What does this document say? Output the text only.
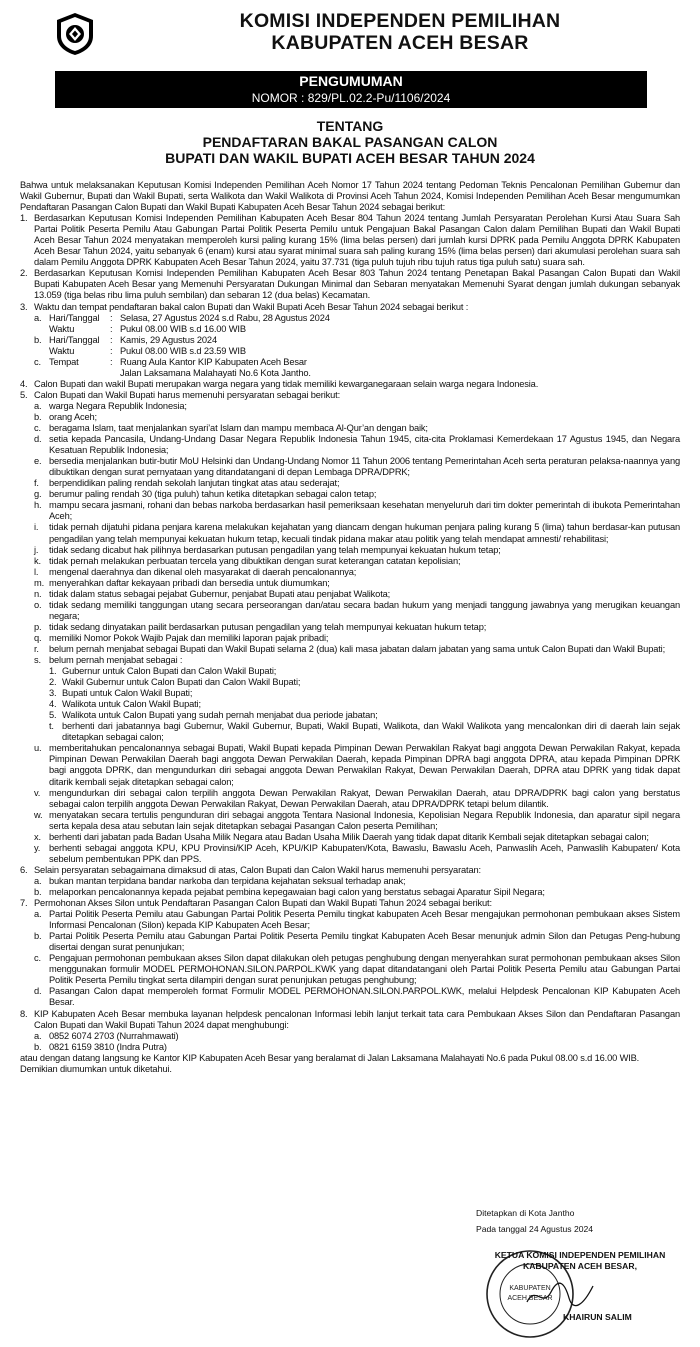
KOMISI INDEPENDEN PEMILIHAN
KABUPATEN ACEH BESAR
PENGUMUMAN
NOMOR : 829/PL.02.2-Pu/1106/2024
TENTANG
PENDAFTARAN BAKAL PASANGAN CALON
BUPATI DAN WAKIL BUPATI ACEH BESAR TAHUN 2024

Bahwa untuk melaksanakan Keputusan Komisi Independen Pemilihan Aceh Nomor 17 Tahun 2024 tentang Pedoman Teknis Pencalonan Pemilihan Gubernur dan Wakil Gubernur, Bupati dan Wakil Bupati, serta Walikota dan Wakil Walikota di Provinsi Aceh Tahun 2024, Komisi Independen Pemilihan Aceh Besar mengumumkan Pendaftaran Pasangan Calon Bupati dan Wakil Bupati Kabupaten Aceh Besar Tahun 2024 sebagai berikut:

1. Berdasarkan Keputusan Komisi Independen Pemilihan Kabupaten Aceh Besar 804 Tahun 2024 tentang Jumlah Persyaratan Perolehan Kursi Atau Suara Sah Partai Politik Peserta Pemilu Atau Gabungan Partai Politik Peserta Pemilu untuk Pengajuan Bakal Pasangan Calon dalam Pemilihan Bupati dan Wakil Bupati Aceh Besar Tahun 2024 menyatakan memperoleh kursi paling kurang 15% (lima belas persen) dari jumlah kursi DPRK pada Pemilu Anggota DPRK Kabupaten Aceh Besar Tahun 2024, yaitu sebanyak 6 (enam) kursi atau syarat minimal suara sah paling kurang 15% (lima belas persen) dari akumulasi perolehan suara sah dalam Pemilu Anggota DPRK Kabupaten Aceh Besar Tahun 2024, yaitu 37.731 (tiga puluh tujuh ribu tujuh ratus tiga puluh satu) suara sah.
2. Berdasarkan Keputusan Komisi Independen Pemilihan Kabupaten Aceh Besar 803 Tahun 2024 tentang Penetapan Bakal Pasangan Calon Bupati dan Wakil Bupati Kabupaten Aceh Besar yang Memenuhi Persyaratan Dukungan Minimal dan Sebaran menyatakan Memenuhi Syarat dengan jumlah dukungan sebanyak 13.059 (tiga belas ribu lima puluh sembilan) dan sebaran 12 (dua belas) Kecamatan.
3. Waktu dan tempat pendaftaran bakal calon Bupati dan Wakil Bupati Aceh Besar Tahun 2024 sebagai berikut :
a. Hari/Tanggal	: Selasa, 27 Agustus 2024 s.d Rabu, 28 Agustus 2024
Waktu	: Pukul 08.00 WIB s.d 16.00 WIB
b. Hari/Tanggal	: Kamis, 29 Agustus 2024
Waktu	: Pukul 08.00 WIB s.d 23.59 WIB
c. Tempat	: Ruang Aula Kantor KIP Kabupaten Aceh Besar
Jalan Laksamana Malahayati No.6 Kota Jantho.
4. Calon Bupati dan wakil Bupati merupakan warga negara yang tidak memiliki kewarganegaraan selain warga negara Indonesia.
5. Calon Bupati dan Wakil Bupati harus memenuhi persyaratan sebagai berikut:
a. warga Negara Republik Indonesia;
b. orang Aceh;
c. beragama Islam, taat menjalankan syari’at Islam dan mampu membaca Al-Qur’an dengan baik;
d. setia kepada Pancasila, Undang-Undang Dasar Negara Republik Indonesia Tahun 1945, cita-cita Proklamasi Kemerdekaan 17 Agustus 1945, dan Negara Kesatuan Republik Indonesia;
e. bersedia menjalankan butir-butir MoU Helsinki dan Undang-Undang Nomor 11 Tahun 2006 tentang Pemerintahan Aceh serta peraturan pelaksa-naannya yang dibuktikan dengan surat pernyataan yang ditandatangani di depan Lembaga DPRA/DPRK;
f.	berpendidikan paling rendah sekolah lanjutan tingkat atas atau sederajat;
g. berumur paling rendah 30 (tiga puluh) tahun ketika ditetapkan sebagai calon tetap;
h. mampu secara jasmani, rohani dan bebas narkoba berdasarkan hasil pemeriksaan kesehatan menyeluruh dari tim dokter pemerintah di ibukota Pemerintahan Aceh;
i.	tidak pernah dijatuhi pidana penjara karena melakukan kejahatan yang diancam dengan hukuman penjara paling kurang 5 (lima) tahun berdasar-kan putusan pengadilan yang telah mempunyai kekuatan hukum tetap, kecuali tindak pidana makar atau politik yang telah mendapat amnesti/ rehabilitasi;
j.	tidak sedang dicabut hak pilihnya berdasarkan putusan pengadilan yang telah mempunyai kekuatan hukum tetap;
k. tidak pernah melakukan perbuatan tercela yang dibuktikan dengan surat keterangan catatan kepolisian;
l.	mengenal daerahnya dan dikenal oleh masyarakat di daerah pencalonannya;
m. menyerahkan daftar kekayaan pribadi dan bersedia untuk diumumkan;
n. tidak dalam status sebagai pejabat Gubernur, penjabat Bupati atau penjabat Walikota;
o. tidak sedang memiliki tanggungan utang secara perseorangan dan/atau secara badan hukum yang menjadi tanggung jawabnya yang merugikan keuangan negara;
p. tidak sedang dinyatakan pailit berdasarkan putusan pengadilan yang telah mempunyai kekuatan hukum tetap;
q. memiliki Nomor Pokok Wajib Pajak dan memiliki laporan pajak pribadi;
r.	belum pernah menjabat sebagai Bupati dan Wakil Bupati selama 2 (dua) kali masa jabatan dalam jabatan yang sama untuk Calon Bupati dan Wakil Bupati;
s. belum pernah menjabat sebagai :
1. Gubernur untuk Calon Bupati dan Calon Wakil Bupati;
2. Wakil Gubernur untuk Calon Bupati dan Calon Wakil Bupati;
3. Bupati untuk Calon Wakil Bupati;
4. Walikota untuk Calon Wakil Bupati;
5. Walikota untuk Calon Bupati yang sudah pernah menjabat dua periode jabatan;
t. berhenti dari jabatannya bagi Gubernur, Wakil Gubernur, Bupati, Wakil Bupati, Walikota, dan Wakil Walikota yang mencalonkan diri di daerah lain sejak ditetapkan sebagai calon;
u. memberitahukan pencalonannya sebagai Bupati, Wakil Bupati kepada Pimpinan Dewan Perwakilan Rakyat bagi anggota Dewan Perwakilan Rakyat, kepada Pimpinan Dewan Perwakilan Daerah bagi anggota Dewan Perwakilan Daerah, kepada Pimpinan DPRA bagi anggota DPRA, atau kepada Pimpinan DPRK bagi anggota DPRK, dan mengundurkan diri sebagai anggota Dewan Perwakilan Rakyat, Dewan Perwakilan Daerah, DPRA atau DPRK yang tidak dapat ditarik kembali sejak ditetapkan sebagai calon;
v. mengundurkan diri sebagai calon terpilih anggota Dewan Perwakilan Rakyat, Dewan Perwakilan Daerah, atau DPRA/DPRK bagi calon yang berstatus sebagai calon terpilih anggota Dewan Perwakilan Rakyat, Dewan Perwakilan Daerah, atau DPRA/DPRK tetapi belum dilantik.
w. menyatakan secara tertulis pengunduran diri sebagai anggota Tentara Nasional Indonesia, Kepolisian Negara Republik Indonesia, dan aparatur sipil negara serta kepala desa atau sebutan lain sejak ditetapkan sebagai Pasangan Calon peserta Pemilihan;
x. berhenti dari jabatan pada Badan Usaha Milik Negara atau Badan Usaha Milik Daerah yang tidak dapat ditarik Kembali sejak ditetapkan sebagai calon;
y. berhenti sebagai anggota KPU, KPU Provinsi/KIP Aceh, KPU/KIP Kabupaten/Kota, Bawaslu, Bawaslu Aceh, Panwaslih Aceh, Panwaslih Kabupaten/ Kota sebelum pembentukan PPK dan PPS.
6. Selain persyaratan sebagaimana dimaksud di atas, Calon Bupati dan Calon Wakil harus memenuhi persyaratan:
a. bukan mantan terpidana bandar narkoba dan terpidana kejahatan seksual terhadap anak;
b. melaporkan pencalonannya kepada pejabat pembina kepegawaian bagi calon yang berstatus sebagai Aparatur Sipil Negara;
7. Permohonan Akses Silon untuk Pendaftaran Pasangan Calon Bupati dan Wakil Bupati Tahun 2024 sebagai berikut:
a. Partai Politik Peserta Pemilu atau Gabungan Partai Politik Peserta Pemilu tingkat kabupaten Aceh Besar mengajukan permohonan pembukaan akses Sistem Informasi Pencalonan (Silon) kepada KIP Kabupaten Aceh Besar;
b. Partai Politik Peserta Pemilu atau Gabungan Partai Politik Peserta Pemilu tingkat Kabupaten Aceh Besar menunjuk admin Silon dan Petugas Peng-hubung disertai dengan surat penunjukan;
c. Pengajuan permohonan pembukaan akses Silon dapat dilakukan oleh petugas penghubung dengan menyerahkan surat permohonan pembukaan akses Silon menggunakan formulir MODEL PERMOHONAN.SILON.PARPOL.KWK yang dapat ditandatangani oleh Partai Politik Peserta Pemilu atau Gabungan Partai Politik Peserta Pemilu tingkat serta dilampiri dengan surat penunjukan petugas penghubung;
d. Pasangan Calon dapat memperoleh format Formulir MODEL PERMOHONAN.SILON.PARPOL.KWK, melalui Helpdesk Pencalonan KIP Kabupaten Aceh Besar.
8. KIP Kabupaten Aceh Besar membuka layanan helpdesk pencalonan Informasi lebih lanjut terkait tata cara Pembukaan Akses Silon dan Pendaftaran Pasangan Calon Bupati dan Wakil Bupati Tahun 2024 dapat menghubungi:
a. 0852 6074 2703 (Nurrahmawati)
b. 0821 6159 3810 (Indra Putra)

atau dengan datang langsung ke Kantor KIP Kabupaten Aceh Besar yang beralamat di Jalan Laksamana Malahayati No.6 pada Pukul 08.00 s.d 16.00 WIB.

Demikian diumumkan untuk diketahui.

Ditetapkan di Kota Jantho
Pada tanggal 24 Agustus 2024
KABUPATEN
ACEH BESAR
KETUA KOMISI INDEPENDEN PEMILIHAN
KABUPATEN ACEH BESAR,
KHAIRUN SALIM
